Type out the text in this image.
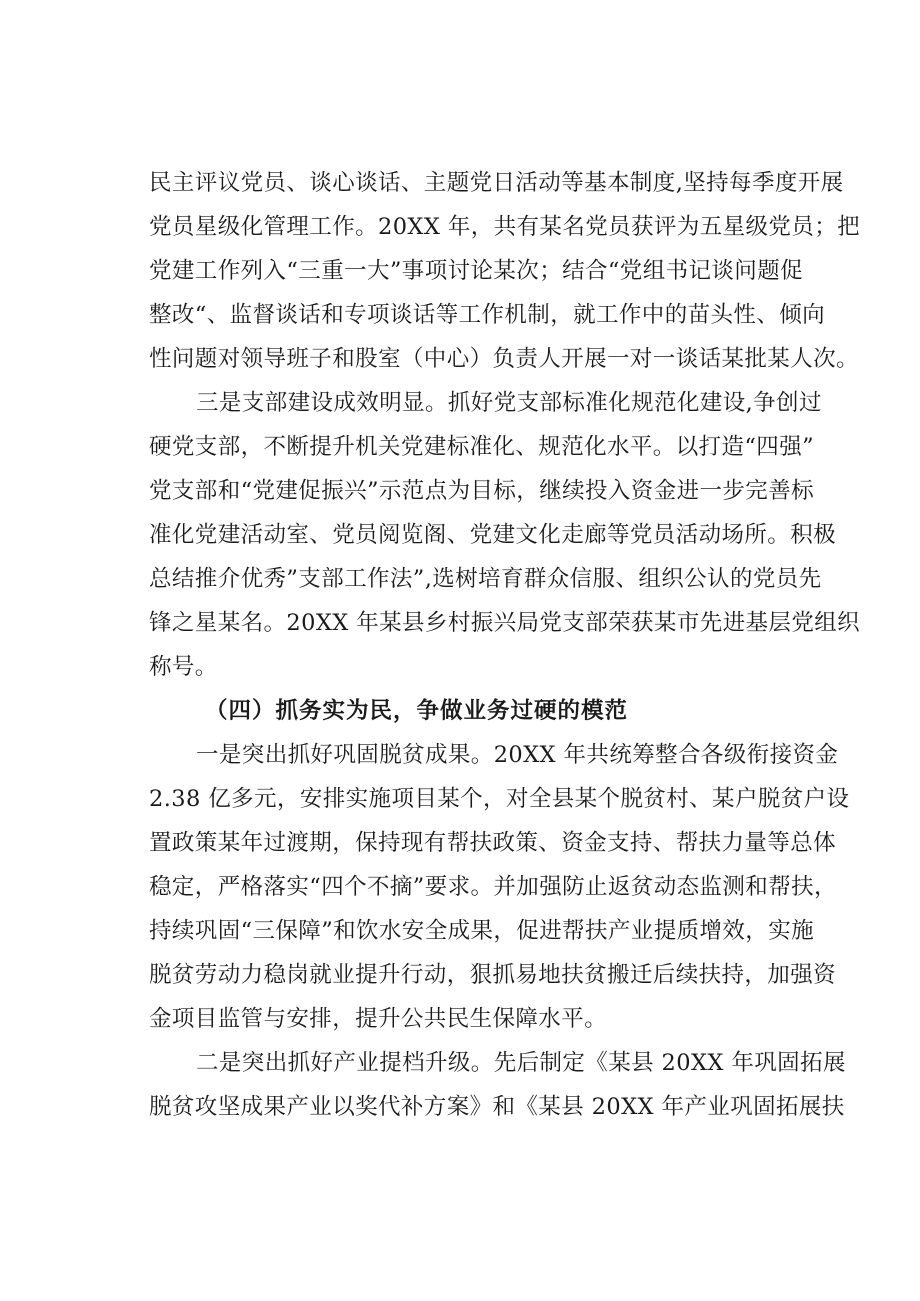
民主评议党员、谈心谈话、主题党日活动等基本制度,坚持每季度开展
党员星级化管理工作。20XX 年，共有某名党员获评为五星级党员；把
党建工作列入“三重一大”事项讨论某次；结合“党组书记谈问题促
整改“、监督谈话和专项谈话等工作机制，就工作中的苗头性、倾向
性问题对领导班子和股室（中心）负责人开展一对一谈话某批某人次。
三是支部建设成效明显。抓好党支部标准化规范化建设,争创过
硬党支部，不断提升机关党建标准化、规范化水平。以打造“四强”
党支部和“党建促振兴”示范点为目标，继续投入资金进一步完善标
准化党建活动室、党员阅览阁、党建文化走廊等党员活动场所。积极
总结推介优秀”支部工作法”,选树培育群众信服、组织公认的党员先
锋之星某名。20XX 年某县乡村振兴局党支部荣获某市先进基层党组织
称号。
（四）抓务实为民，争做业务过硬的模范
一是突出抓好巩固脱贫成果。20XX 年共统筹整合各级衔接资金
2.38 亿多元，安排实施项目某个，对全县某个脱贫村、某户脱贫户设
置政策某年过渡期，保持现有帮扶政策、资金支持、帮扶力量等总体
稳定，严格落实“四个不摘”要求。并加强防止返贫动态监测和帮扶，
持续巩固“三保障”和饮水安全成果，促进帮扶产业提质增效，实施
脱贫劳动力稳岗就业提升行动，狠抓易地扶贫搬迁后续扶持，加强资
金项目监管与安排，提升公共民生保障水平。
二是突出抓好产业提档升级。先后制定《某县 20XX 年巩固拓展
脱贫攻坚成果产业以奖代补方案》和《某县 20XX 年产业巩固拓展扶
